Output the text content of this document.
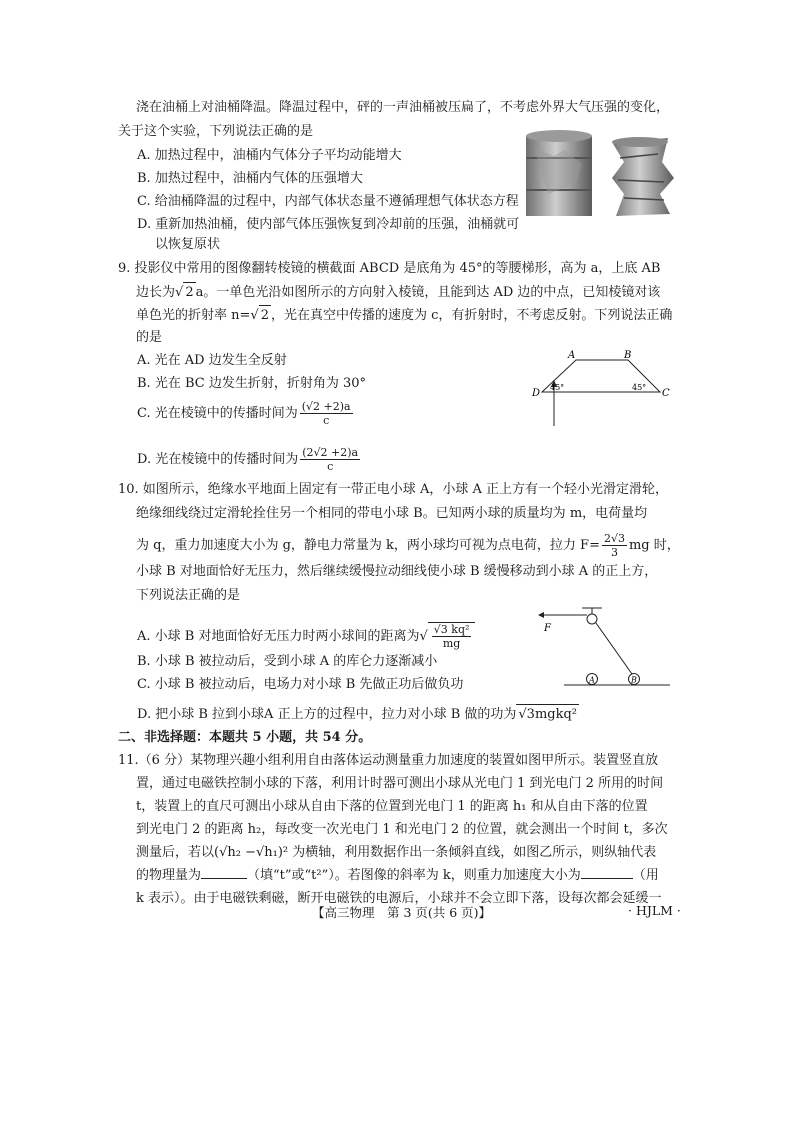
浇在油桶上对油桶降温。降温过程中，砰的一声油桶被压扁了，不考虑外界大气压强的变化，
关于这个实验，下列说法正确的是
A. 加热过程中，油桶内气体分子平均动能增大
B. 加热过程中，油桶内气体的压强增大
C. 给油桶降温的过程中，内部气体状态量不遵循理想气体状态方程
D. 重新加热油桶，使内部气体压强恢复到冷却前的压强，油桶就可
以恢复原状
9. 投影仪中常用的图像翻转棱镜的横截面 ABCD 是底角为 45°的等腰梯形，高为 a，上底 AB
边长为√ 2 a。一单色光沿如图所示的方向射入棱镜，且能到达 AD 边的中点，已知棱镜对该
单色光的折射率 n=√ 2 ，光在真空中传播的速度为 c，有折射时，不考虑反射。下列说法正确
的是
A. 光在 AD 边发生全反射
B. 光在 BC 边发生折射，折射角为 30°
C. 光在棱镜中的传播时间为 $\frac{(√2 +2)a}{c}$
D. 光在棱镜中的传播时间为 $\frac{(2√2 +2)a}{c}$
A	B
C
D
45°	45°
10. 如图所示，绝缘水平地面上固定有一带正电小球 A，小球 A 正上方有一个轻小光滑定滑轮，
绝缘细线绕过定滑轮拴住另一个相同的带电小球 B。已知两小球的质量均为 m，电荷量均
为 q，重力加速度大小为 g，静电力常量为 k，两小球均可视为点电荷，拉力 $F= \frac{2√3}{3}$ mg 时，
小球 B 对地面恰好无压力，然后继续缓慢拉动细线使小球 B 缓慢移动到小球 A 的正上方，
下列说法正确的是
A. 小球 B 对地面恰好无压力时两小球间的距离为√ $\frac{\text{√3 kq²}}{mg}$
B. 小球 B 被拉动后，受到小球 A 的库仑力逐渐减小
C. 小球 B 被拉动后，电场力对小球 B 先做正功后做负功
D. 把小球 B 拉到小球A 正上方的过程中，拉力对小球 B 做的功为 √3mgkq²
F
A	B
二、非选择题：本题共 5 小题，共 54 分。
11.（6 分）某物理兴趣小组利用自由落体运动测量重力加速度的装置如图甲所示。装置竖直放
置，通过电磁铁控制小球的下落，利用计时器可测出小球从光电门 1 到光电门 2 所用的时间
t，装置上的直尺可测出小球从自由下落的位置到光电门 1 的距离 h₁ 和从自由下落的位置
到光电门 2 的距离 h₂，每改变一次光电门 1 和光电门 2 的位置，就会测出一个时间 t，多次
测量后，若以(√h₂ −√h₁)² 为横轴，利用数据作出一条倾斜直线，如图乙所示，则纵轴代表
的物理量为	（填“t”或“t²”）。若图像的斜率为 k，则重力加速度大小为	（用
k 表示）。由于电磁铁剩磁，断开电磁铁的电源后，小球并不会立即下落，设每次都会延缓一
【高三物理　第 3 页(共 6 页)】	· HJLM ·
